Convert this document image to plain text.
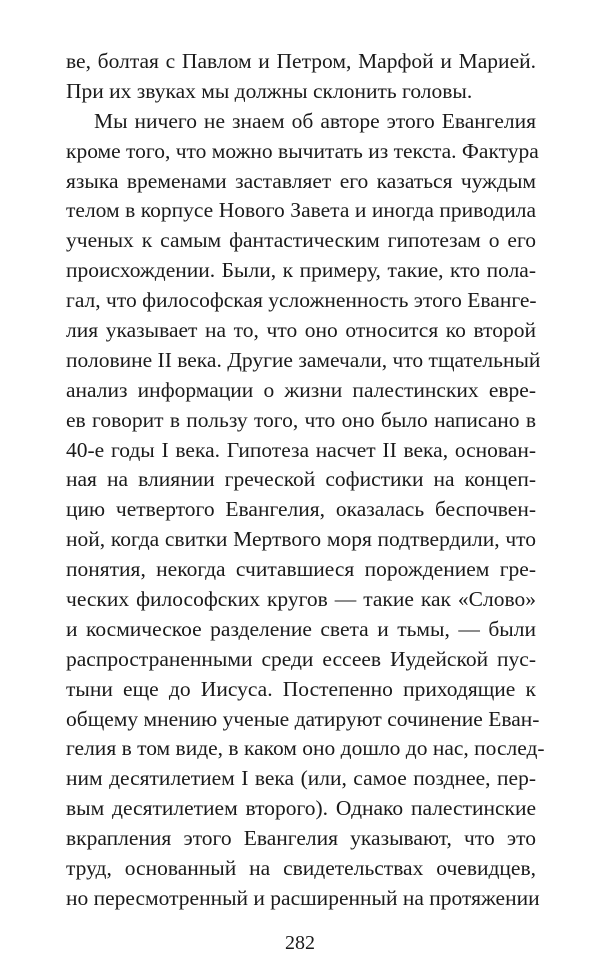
ве, болтая с Павлом и Петром, Марфой и Марией.
При их звуках мы должны склонить головы.
Мы ничего не знаем об авторе этого Евангелия
кроме того, что можно вычитать из текста. Фактура
языка временами заставляет его казаться чуждым
телом в корпусе Нового Завета и иногда приводила
ученых к самым фантастическим гипотезам о его
происхождении. Были, к примеру, такие, кто пола-
гал, что философская усложненность этого Еванге-
лия указывает на то, что оно относится ко второй
половине II века. Другие замечали, что тщательный
анализ информации о жизни палестинских евре-
ев говорит в пользу того, что оно было написано в
40-е годы I века. Гипотеза насчет II века, основан-
ная на влиянии греческой софистики на концеп-
цию четвертого Евангелия, оказалась беспочвен-
ной, когда свитки Мертвого моря подтвердили, что
понятия, некогда считавшиеся порождением гре-
ческих философских кругов — такие как «Слово»
и космическое разделение света и тьмы, — были
распространенными среди ессеев Иудейской пус-
тыни еще до Иисуса. Постепенно приходящие к
общему мнению ученые датируют сочинение Еван-
гелия в том виде, в каком оно дошло до нас, послед-
ним десятилетием I века (или, самое позднее, пер-
вым десятилетием второго). Однако палестинские
вкрапления этого Евангелия указывают, что это
труд, основанный на свидетельствах очевидцев,
но пересмотренный и расширенный на протяжении
282
